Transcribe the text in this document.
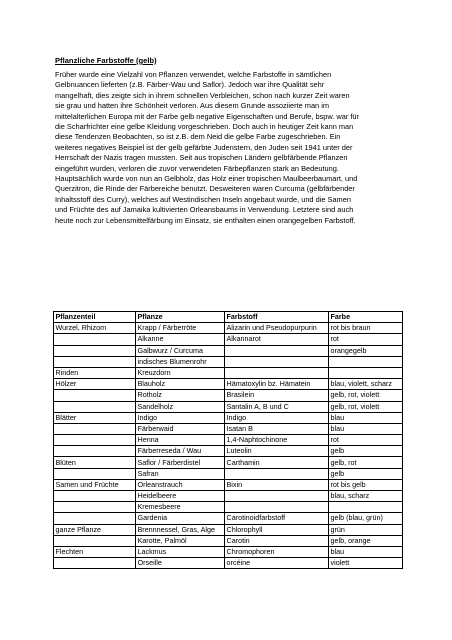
Pflanzliche Farbstoffe (gelb)

Früher wurde eine Vielzahl von Pflanzen verwendet, welche Farbstoffe in sämtlichen
Gelbnuancen lieferten (z.B. Färber-Wau und Saflor). Jedoch war ihre Qualität sehr
mangelhaft, dies zeigte sich in ihrem schnellen Verbleichen, schon nach kurzer Zeit waren
sie grau und hatten ihre Schönheit verloren. Aus diesem Grunde assoziierte man im
mittelalterlichen Europa mit der Farbe gelb negative Eigenschaften und Berufe, bspw. war für
die Scharfrichter eine gelbe Kleidung vorgeschrieben. Doch auch in heutiger Zeit kann man
diese Tendenzen Beobachten, so ist z.B. dem Neid die gelbe Farbe zugeschrieben. Ein
weiteres negatives Beispiel ist der gelb gefärbte Judenstern, den Juden seit 1941 unter der
Herrschaft der Nazis tragen mussten. Seit aus tropischen Ländern gelbfärbende Pflanzen
eingeführt wurden, verloren die zuvor verwendeten Färbepflanzen stark an Bedeutung.
Hauptsächlich wurde von nun an Gelbholz, das Holz einer tropischen Maulbeerbaumart, und
Querzitron, die Rinde der Färbereiche benutzt. Desweiteren waren Curcuma (gelbfärbender
Inhaltsstoff des Curry), welches auf Westindischen Inseln angebaut wurde, und die Samen
und Früchte des auf Jamaika kultivierten Orleansbaums in Verwendung. Letztere sind auch
heute noch zur Lebensmittelfärbung im Einsatz, sie enthalten einen orangegelben Farbstoff.
Pflanzenteil	Pflanze	Farbstoff	Farbe
Wurzel, Rhizom	Krapp / Färberröte	Alizarin und Pseudopurpurin	rot bis braun
	Alkanne	Alkannarot	rot
	Galbwurz / Curcuma		orangegelb
	indisches Blumenrohr		
Rinden	Kreuzdorn		
Hölzer	Blauholz	Hämatoxylin bz. Hämatein	blau, violett, scharz
	Rotholz	Brasilein	gelb, rot, violett
	Sandelholz	Santalin A, B und C	gelb, rot, violett
Blätter	Indigo	Indigo	blau
	Färberwaid	Isatan B	blau
	Henna	1,4-Naphtochinone	rot
	Färberreseda / Wau	Luteolin	gelb
Blüten	Saflor / Färberdistel	Carthamin	gelb, rot
	Safran		gelb
Samen und Früchte	Orleanstrauch	Bixin	rot bis gelb
	Heidelbeere		blau, scharz
	Kremesbeere		
	Gardenia	Carotinoidfarbstoff	gelb (blau, grün)
ganze Pflanze	Brennnessel, Gras, Alge	Chlorophyll	grün
	Karotte, Palmöl	Carotin	gelb, orange
Flechten	Lackmus	Chromophoren	blau
	Orseille	orcéine	violett
